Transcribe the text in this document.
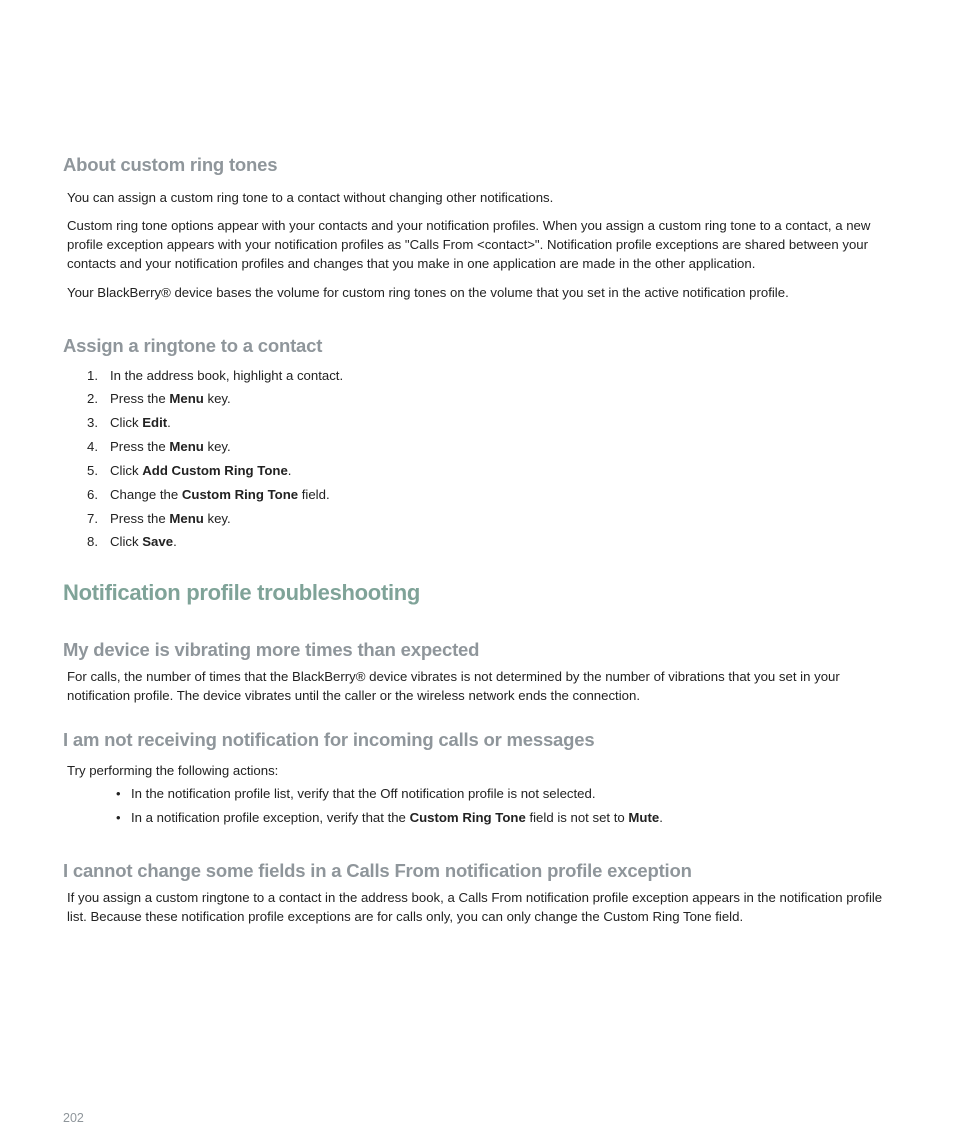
About custom ring tones
You can assign a custom ring tone to a contact without changing other notifications.
Custom ring tone options appear with your contacts and your notification profiles. When you assign a custom ring tone to a contact, a new profile exception appears with your notification profiles as "Calls From <contact>". Notification profile exceptions are shared between your contacts and your notification profiles and changes that you make in one application are made in the other application.
Your BlackBerry® device bases the volume for custom ring tones on the volume that you set in the active notification profile.
Assign a ringtone to a contact
1. In the address book, highlight a contact.
2. Press the Menu key.
3. Click Edit.
4. Press the Menu key.
5. Click Add Custom Ring Tone.
6. Change the Custom Ring Tone field.
7. Press the Menu key.
8. Click Save.
Notification profile troubleshooting
My device is vibrating more times than expected
For calls, the number of times that the BlackBerry® device vibrates is not determined by the number of vibrations that you set in your notification profile. The device vibrates until the caller or the wireless network ends the connection.
I am not receiving notification for incoming calls or messages
Try performing the following actions:
• In the notification profile list, verify that the Off notification profile is not selected.
• In a notification profile exception, verify that the Custom Ring Tone field is not set to Mute.
I cannot change some fields in a Calls From notification profile exception
If you assign a custom ringtone to a contact in the address book, a Calls From notification profile exception appears in the notification profile list. Because these notification profile exceptions are for calls only, you can only change the Custom Ring Tone field.
202
